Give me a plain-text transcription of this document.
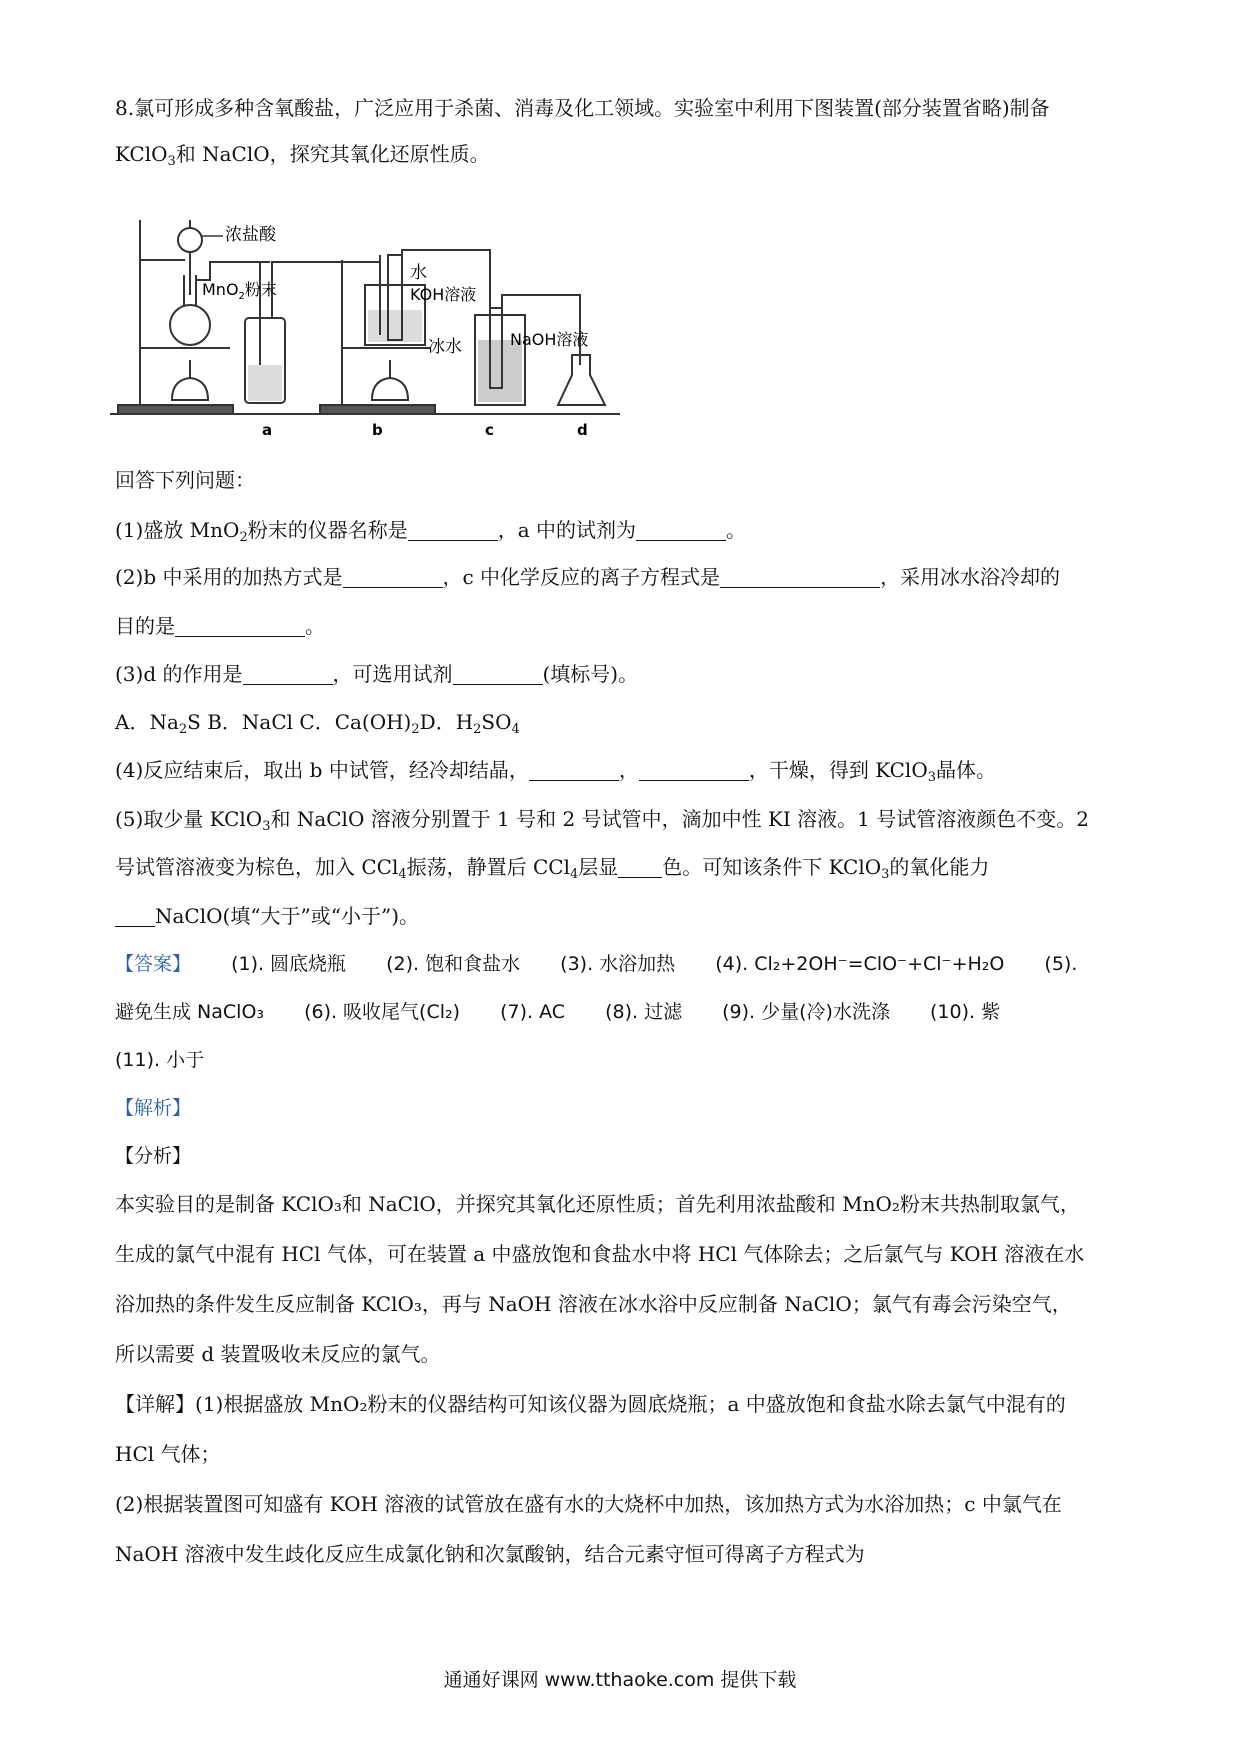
8.氯可形成多种含氧酸盐，广泛应用于杀菌、消毒及化工领域。实验室中利用下图装置(部分装置省略)制备
KClO$_3$和 NaClO，探究其氧化还原性质。
浓盐酸
MnO$_2$粉末
水
KOH溶液
冰水	NaOH溶液
a	b	c	d
回答下列问题：
(1)盛放 MnO$_2$粉末的仪器名称是	，a 中的试剂为	。
(2)b 中采用的加热方式是	，c 中化学反应的离子方程式是	，采用冰水浴冷却的
目的是	。
(3)d 的作用是	，可选用试剂	(填标号)。
A．$Na_2S$ B．NaCl C．$Ca(OH)_2D$．$H_2SO_4$
(4)反应结束后，取出 b 中试管，经冷却结晶，	，	，干燥，得到 KClO$_3$晶体。
(5)取少量 KClO$_3$和 NaClO 溶液分别置于 1 号和 2 号试管中，滴加中性 KI 溶液。1 号试管溶液颜色不变。2
号试管溶液变为棕色，加入 CCl$_4$振荡，静置后 CCl$_4$层显 色。可知该条件下 KClO$_3$的氧化能力
NaClO(填“大于”或“小于”)。
【答案】 (1). 圆底烧瓶 (2). 饱和食盐水 (3). 水浴加热 (4). Cl₂+2OH⁻=ClO⁻+Cl⁻+H₂O (5).
避免生成 NaClO₃ (6). 吸收尾气(Cl₂) (7). AC (8). 过滤 (9). 少量(冷)水洗涤 (10). 紫
(11). 小于
【解析】
【分析】
本实验目的是制备 KClO₃和 NaClO，并探究其氧化还原性质；首先利用浓盐酸和 MnO₂粉末共热制取氯气，
生成的氯气中混有 HCl 气体，可在装置 a 中盛放饱和食盐水中将 HCl 气体除去；之后氯气与 KOH 溶液在水
浴加热的条件发生反应制备 KClO₃，再与 NaOH 溶液在冰水浴中反应制备 NaClO；氯气有毒会污染空气，
所以需要 d 装置吸收未反应的氯气。
【详解】(1)根据盛放 MnO₂粉末的仪器结构可知该仪器为圆底烧瓶；a 中盛放饱和食盐水除去氯气中混有的
HCl 气体；
(2)根据装置图可知盛有 KOH 溶液的试管放在盛有水的大烧杯中加热，该加热方式为水浴加热；c 中氯气在
NaOH 溶液中发生歧化反应生成氯化钠和次氯酸钠，结合元素守恒可得离子方程式为
通通好课网 www.tthaoke.com 提供下载
